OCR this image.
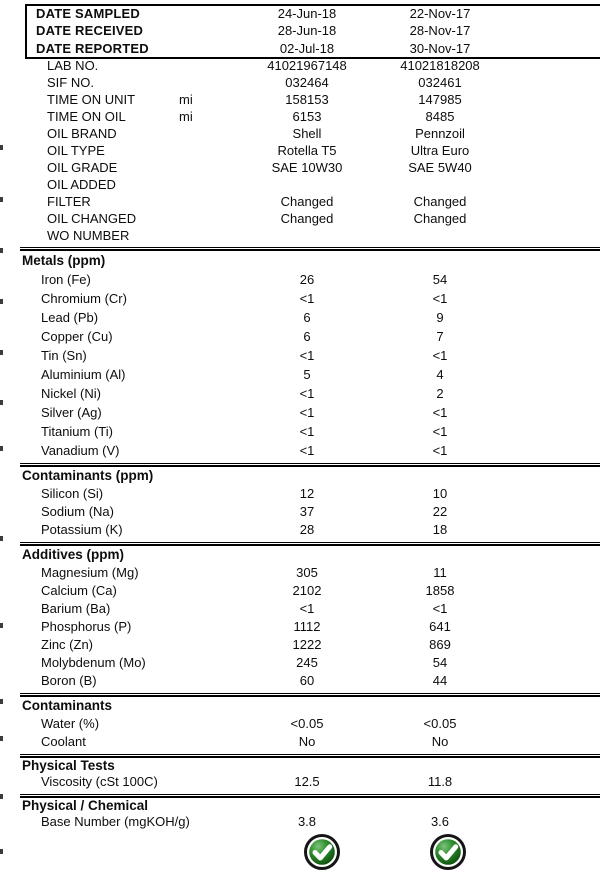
DATE SAMPLED	24-Jun-18	22-Nov-17
DATE RECEIVED	28-Jun-18	28-Nov-17
DATE REPORTED	02-Jul-18	30-Nov-17
LAB NO.	41021967148	41021818208
SIF NO.	032464	032461
TIME ON UNIT	mi	158153	147985
TIME ON OIL	mi	6153	8485
OIL BRAND	Shell	Pennzoil
OIL TYPE	Rotella T5	Ultra Euro
OIL GRADE	SAE 10W30	SAE 5W40
OIL ADDED
FILTER	Changed	Changed
OIL CHANGED	Changed	Changed
WO NUMBER
Metals (ppm)
Iron (Fe)	26	54
Chromium (Cr)	<1	<1
Lead (Pb)	6	9
Copper (Cu)	6	7
Tin (Sn)	<1	<1
Aluminium (Al)	5	4
Nickel (Ni)	<1	2
Silver (Ag)	<1	<1
Titanium (Ti)	<1	<1
Vanadium (V)	<1	<1
Contaminants (ppm)
Silicon (Si)	12	10
Sodium (Na)	37	22
Potassium (K)	28	18
Additives (ppm)
Magnesium (Mg)	305	11
Calcium (Ca)	2102	1858
Barium (Ba)	<1	<1
Phosphorus (P)	1112	641
Zinc (Zn)	1222	869
Molybdenum (Mo)	245	54
Boron (B)	60	44
Contaminants
Water (%)	<0.05	<0.05
Coolant	No	No
Physical Tests
Viscosity (cSt 100C)	12.5	11.8
Physical / Chemical
Base Number (mgKOH/g)	3.8	3.6
